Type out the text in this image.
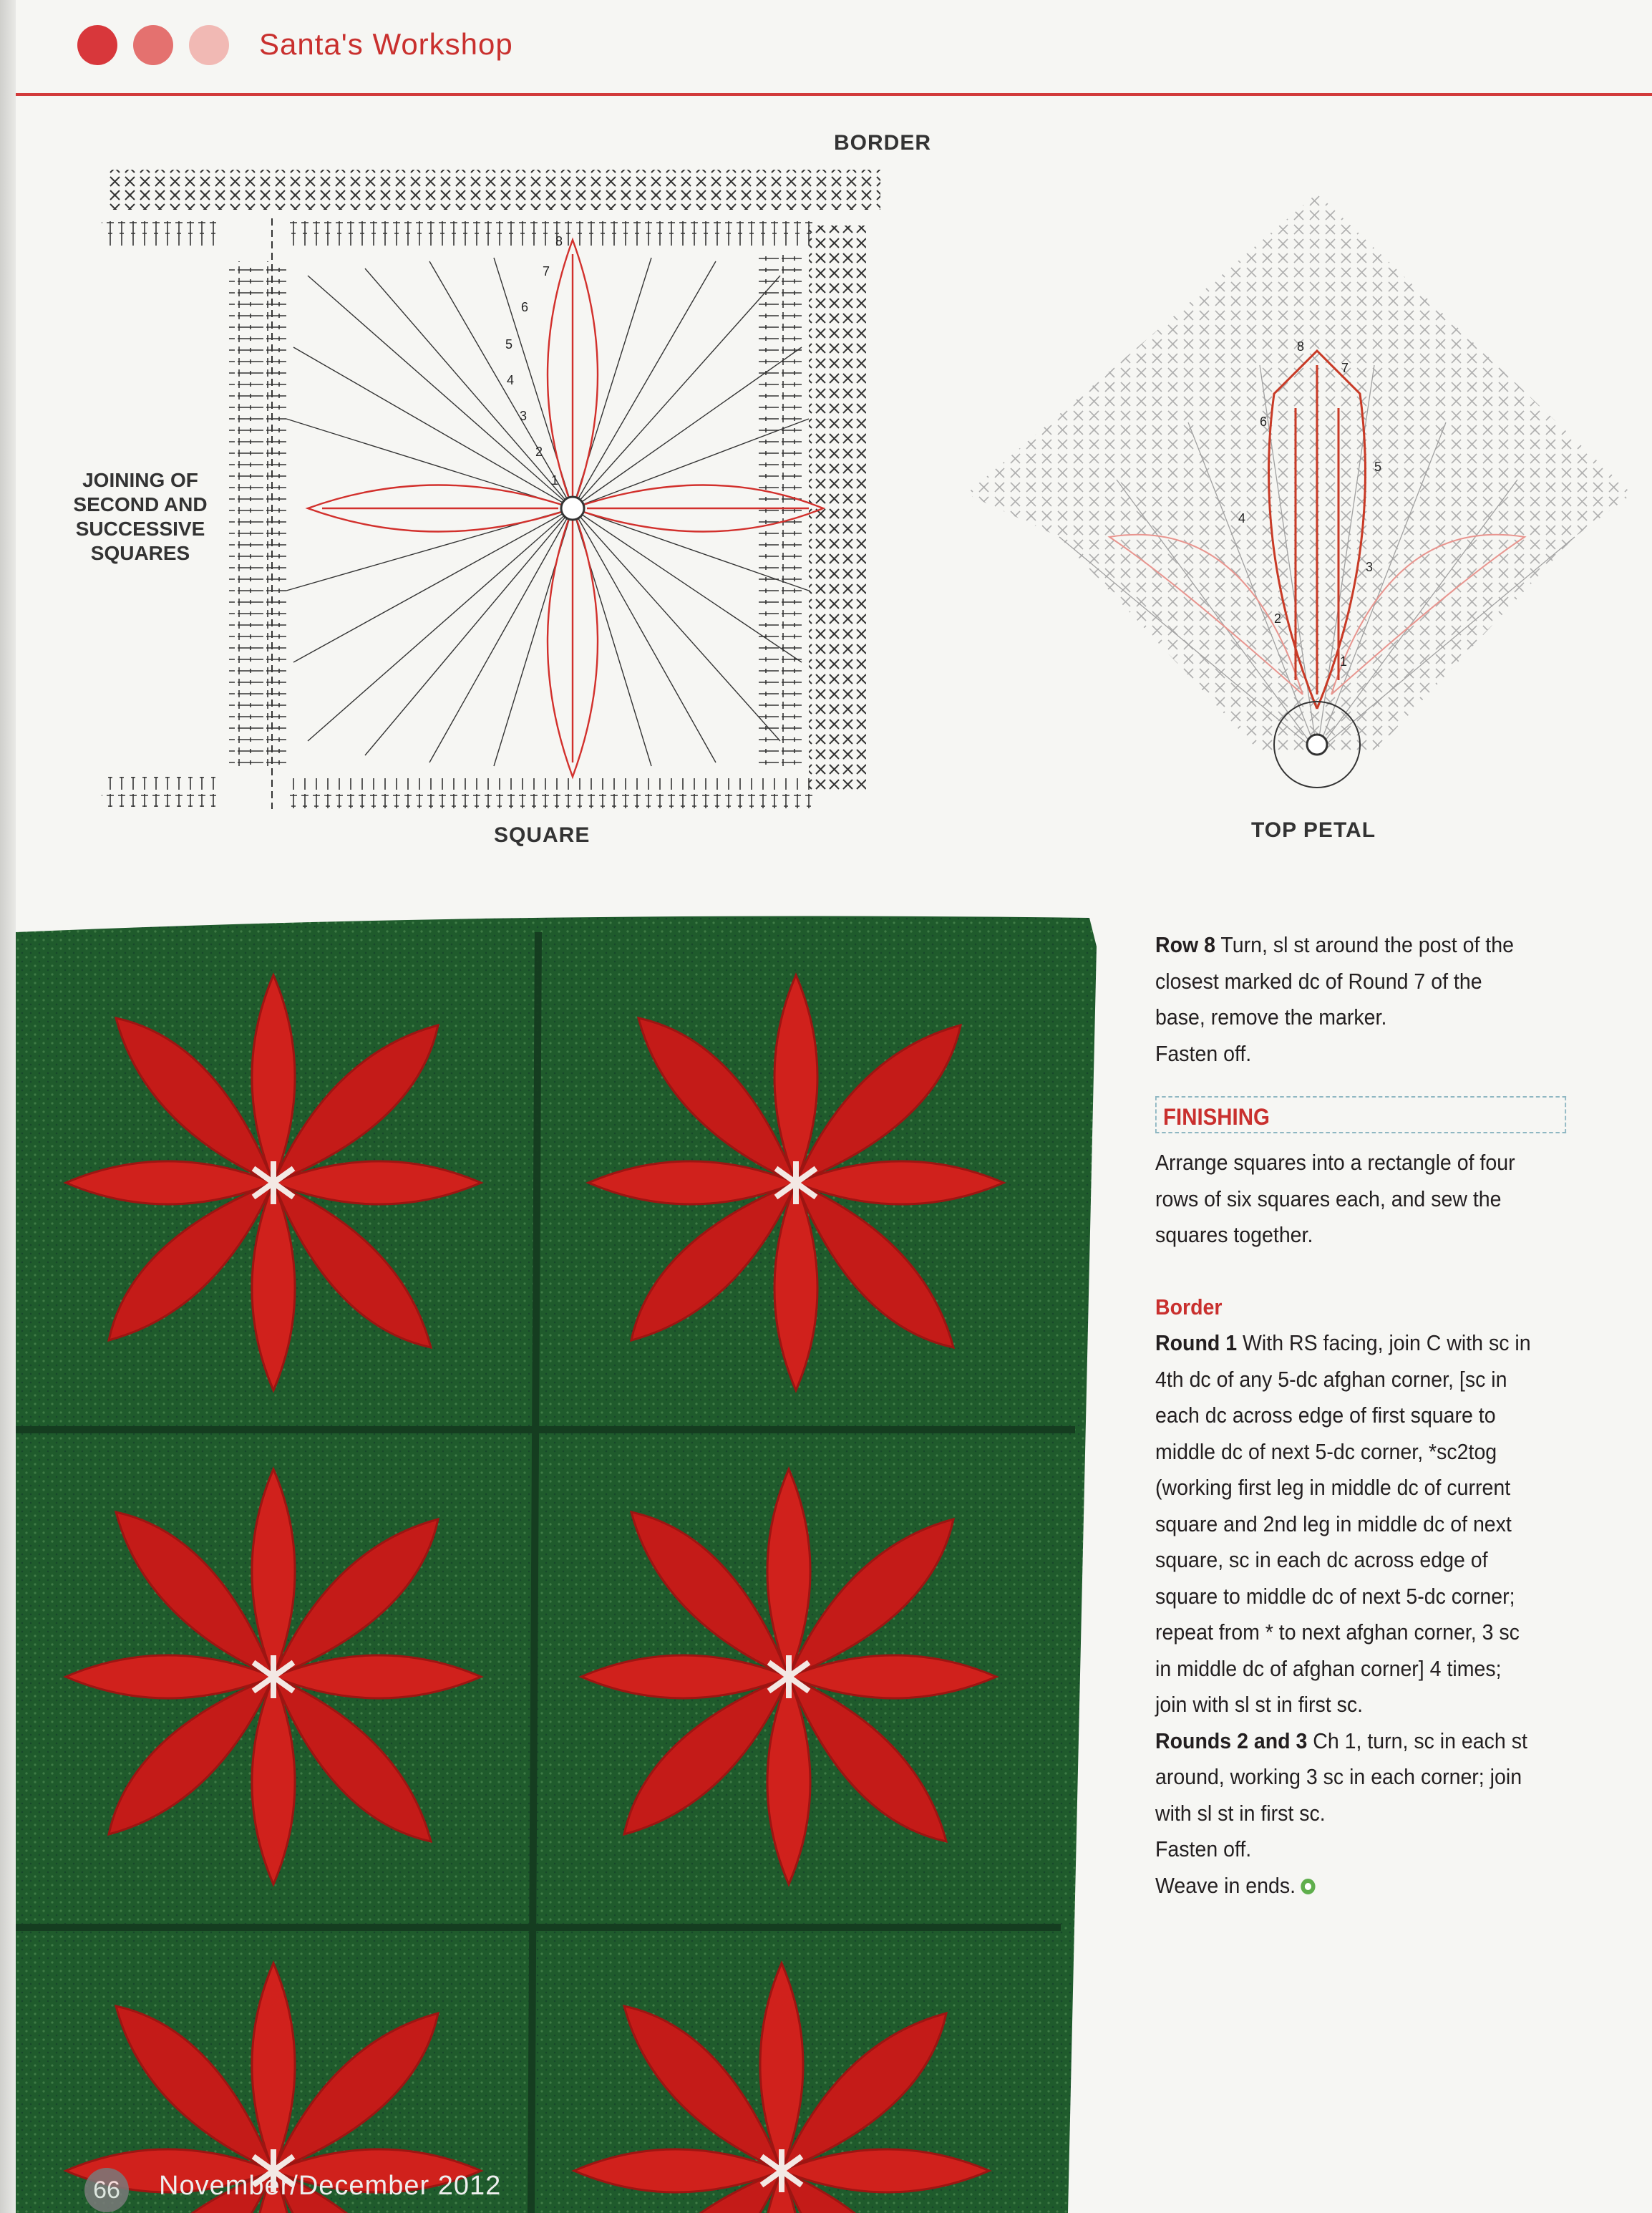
Santa's Workshop
8
7
6
5
4
3
2
1
BORDER
JOINING OF SECOND AND SUCCESSIVE SQUARES
SQUARE
8
7
6
5
4
3
2
1
TOP PETAL

Row 8 Turn, sl st around the post of the closest marked dc of Round 7 of the base, remove the marker.

Fasten off.

FINISHING

Arrange squares into a rectangle of four rows of six squares each, and sew the squares together.

Border

Round 1 With RS facing, join C with sc in 4th dc of any 5-dc afghan corner, [sc in each dc across edge of first square to middle dc of next 5-dc corner, *sc2tog (working first leg in middle dc of current square and 2nd leg in middle dc of next square, sc in each dc across edge of square to middle dc of next 5-dc corner; repeat from * to next afghan corner, 3 sc in middle dc of afghan corner] 4 times; join with sl st in first sc.

Rounds 2 and 3 Ch 1, turn, sc in each st around, working 3 sc in each corner; join with sl st in first sc.

Fasten off.

Weave in ends.

66	November/December 2012
